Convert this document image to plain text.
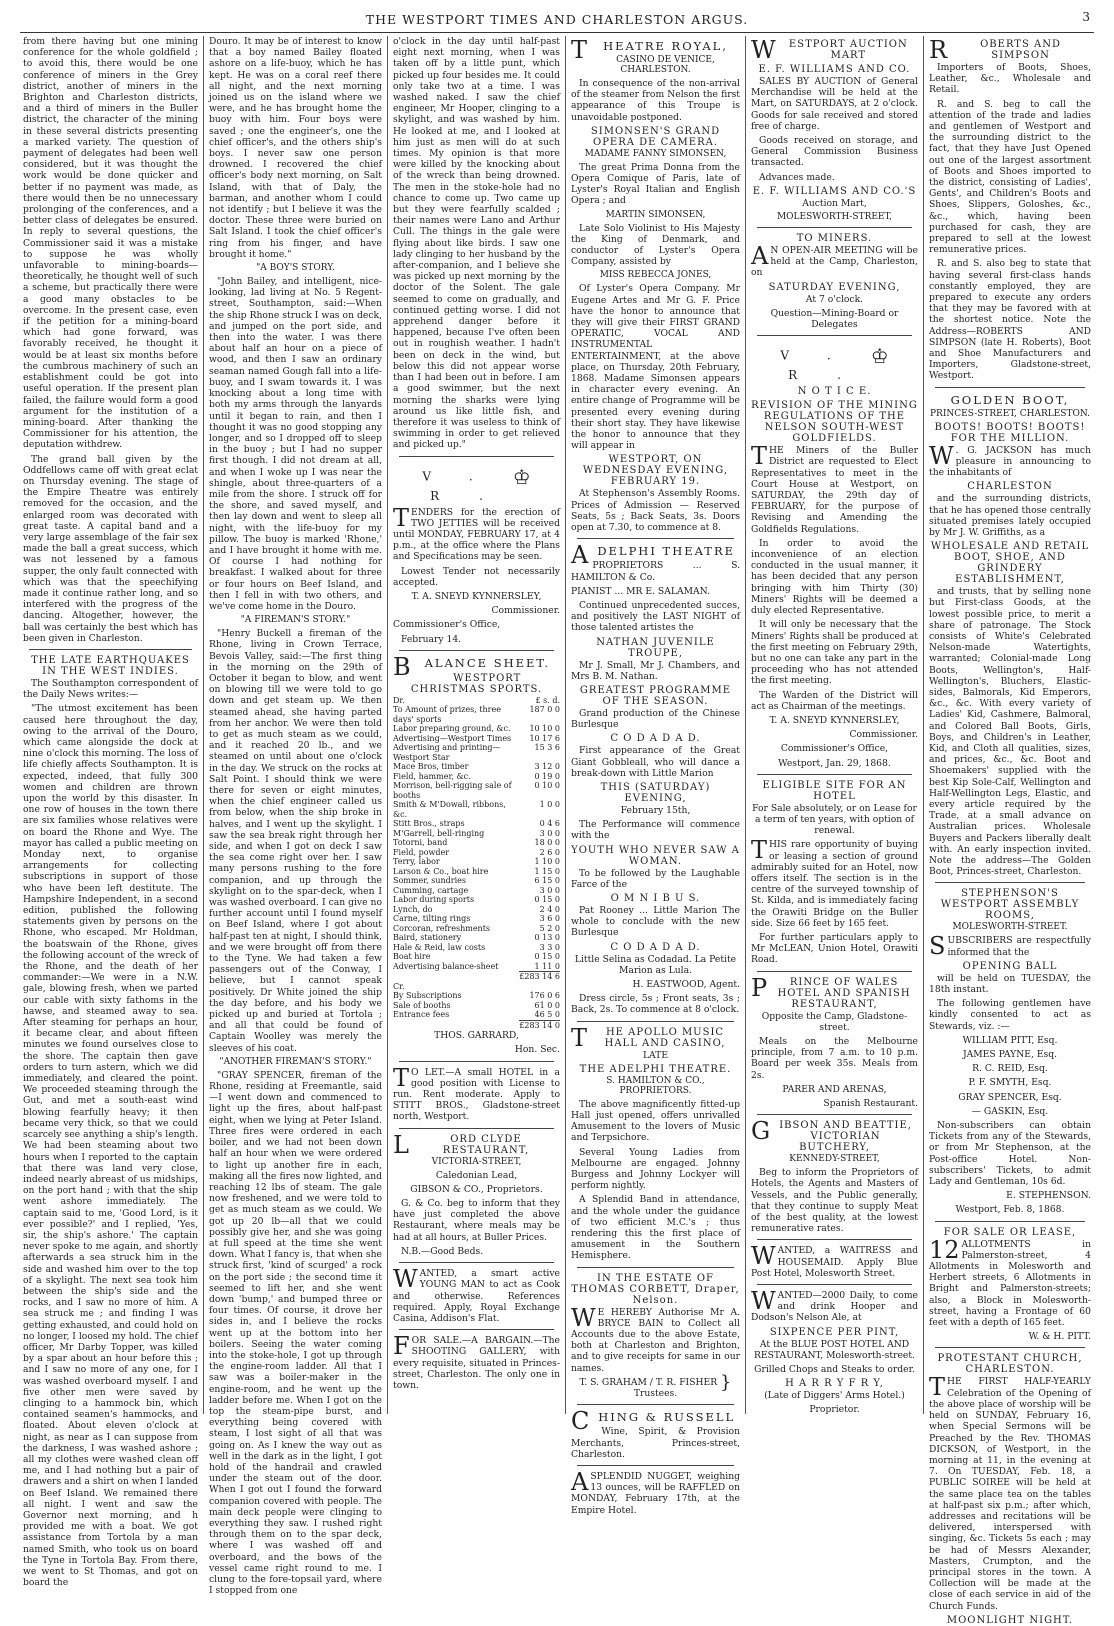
THE WESTPORT TIMES AND CHARLESTON ARGUS.	3

from there having but one mining conference for the whole goldfield ; to avoid this, there would be one conference of miners in the Grey district, another of miners in the Brighton and Charleston districts, and a third of miners in the Buller district, the character of the mining in these several districts presenting a marked variety. The question of payment of delegates had been well considered, but it was thought the work would be done quicker and better if no payment was made, as there would then be no unnecessary prolonging of the conferences, and a better class of delegates be ensured. In reply to several questions, the Commissioner said it was a mistake to suppose he was wholly unfavorable to mining-boards—theoretically, he thought well of such a scheme, but practically there were a good many obstacles to be overcome. In the present case, even if the petition for a mining-board which had gone forward, was favorably received, he thought it would be at least six months before the cumbrous machinery of such an establishment could be got into useful operation. If the present plan failed, the failure would form a good argument for the institution of a mining-board. After thanking the Commissioner for his attention, the deputation withdrew.

The grand ball given by the Oddfellows came off with great eclat on Thursday evening. The stage of the Empire Theatre was entirely removed for the occasion, and the enlarged room was decorated with great taste. A capital band and a very large assemblage of the fair sex made the ball a great success, which was not lessened by a famous supper, the only fault connected with which was that the speechifying made it continue rather long, and so interfered with the progress of the dancing. Altogether, however, the ball was certainly the best which has been given in Charleston.

THE LATE EARTHQUAKES IN THE WEST INDIES.

The Southampton correspondent of the Daily News writes:—

"The utmost excitement has been caused here throughout the day, owing to the arrival of the Douro, which came alongside the dock at nine o'clock this morning. The loss of life chiefly affects Southampton. It is expected, indeed, that fully 300 women and children are thrown upon the world by this disaster. In one row of houses in the town there are six families whose relatives were on board the Rhone and Wye. The mayor has called a public meeting on Monday next, to organise arrangements for collecting subscriptions in support of those who have been left destitute. The Hampshire Independent, in a second edition, published the following statements given by persons on the Rhone, who escaped. Mr Holdman, the boatswain of the Rhone, gives the following account of the wreck of the Rhone, and the death of her commander:—We were in a N.W. gale, blowing fresh, when we parted our cable with sixty fathoms in the hawse, and steamed away to sea. After steaming for perhaps an hour, it became clear, and about fifteen minutes we found ourselves close to the shore. The captain then gave orders to turn astern, which we did immediately, and cleared the point. We proceeded steaming through the Gut, and met a south-east wind blowing fearfully heavy; it then became very thick, so that we could scarcely see anything a ship's length. We had been steaming about two hours when I reported to the captain that there was land very close, indeed nearly abreast of us midships, on the port hand ; with that the ship went ashore immediately. The captain said to me, 'Good Lord, is it ever possible?' and I replied, 'Yes, sir, the ship's ashore.' The captain never spoke to me again, and shortly afterwards a sea struck him in the side and washed him over to the top of a skylight. The next sea took him between the ship's side and the rocks, and I saw no more of him. A sea struck me ; and finding I was getting exhausted, and could hold on no longer, I loosed my hold. The chief officer, Mr Darby Topper, was killed by a spar about an hour before this ; and I saw no more of any one, for I was washed overboard myself. I and five other men were saved by clinging to a hammock bin, which contained seamen's hammocks, and floated. About eleven o'clock at night, as near as I can suppose from the darkness, I was washed ashore ; all my clothes were washed clean off me, and I had nothing but a pair of drawers and a shirt on when I landed on Beef Island. We remained there all night. I went and saw the Governor next morning, and h provided me with a boat. We got assistance from Tortola by a man named Smith, who took us on board the Tyne in Tortola Bay. From there, we went to St Thomas, and got on board the

Douro. It may be of interest to know that a boy named Bailey floated ashore on a life-buoy, which he has kept. He was on a coral reef there all night, and the next morning joined us on the island where we were, and he has brought home the buoy with him. Four boys were saved ; one the engineer's, one the chief officer's, and the others ship's boys. I never saw one person drowned. I recovered the chief officer's body next morning, on Salt Island, with that of Daly, the barman, and another whom I could not identify ; but I believe it was the doctor. These three were buried on Salt Island. I took the chief officer's ring from his finger, and have brought it home."

"A BOY'S STORY.

"John Bailey, and intelligent, nice-looking, lad living at No. 5 Regent-street, Southampton, said:—When the ship Rhone struck I was on deck, and jumped on the port side, and then into the water. I was there about half an hour on a piece of wood, and then I saw an ordinary seaman named Gough fall into a life-buoy, and I swam towards it. I was knocking about a long time with both my arms through the lanyards until it began to rain, and then I thought it was no good stopping any longer, and so I dropped off to sleep in the buoy ; but I had no supper first though. I did not dream at all, and when I woke up I was near the shingle, about three-quarters of a mile from the shore. I struck off for the shore, and saved myself, and then lay down and went to sleep all night, with the life-buoy for my pillow. The buoy is marked 'Rhone,' and I have brought it home with me. Of course I had nothing for breakfast. I walked about for three or four hours on Beef Island, and then I fell in with two others, and we've come home in the Douro.

"A FIREMAN'S STORY."

"Henry Buckell a fireman of the Rhone, living in Crown Terrace, Bevois Valley, said:—The first thing in the morning on the 29th of October it began to blow, and went on blowing till we were told to go down and get steam up. We then steamed ahead, she having parted from her anchor. We were then told to get as much steam as we could, and it reached 20 lb., and we steamed on until about one o'clock in the day. We struck on the rocks at Salt Point. I should think we were there for seven or eight minutes, when the chief engineer called us from below, when the ship broke in halves, and I went up the skylight. I saw the sea break right through her side, and when I got on deck I saw the sea come right over her. I saw many persons rushing to the fore companion, and up through the skylight on to the spar-deck, when I was washed overboard. I can give no further account until I found myself on Beef Island, where I got about half-past ten at night, I should think, and we were brought off from there to the Tyne. We had taken a few passengers out of the Conway, I believe, but I cannot speak positively. Dr White joined the ship the day before, and his body we picked up and buried at Tortola ; and all that could be found of Captain Woolley was merely the sleeves of his coat.

"ANOTHER FIREMAN'S STORY."

"GRAY SPENCER, fireman of the Rhone, residing at Freemantle, said—I went down and commenced to light up the fires, about half-past eight, when we lying at Peter Island. Three fires were ordered in each boiler, and we had not been down half an hour when we were ordered to light up another fire in each, making all the fires now lighted, and reaching 12 lbs of steam. The gale now freshened, and we were told to get as much steam as we could. We got up 20 lb—all that we could possibly give her, and she was going at full speed at the time she went down. What I fancy is, that when she struck first, 'kind of scurged' a rock on the port side ; the second time it seemed to lift her, and she went down 'bump,' and bumped three or four times. Of course, it drove her sides in, and I believe the rocks went up at the bottom into her boilers. Seeing the water coming into the stoke-hole, I got up through the engine-room ladder. All that I saw was a boiler-maker in the engine-room, and he went up the ladder before me. When I got on the top the steam-pipe burst, and everything being covered with steam, I lost sight of all that was going on. As I knew the way out as well in the dark as in the light, I got hold of the handrail and crawled under the steam out of the door. When I got out I found the forward companion covered with people. The main deck people were clinging to everything they saw. I rushed right through them on to the spar deck, where I was washed off and overboard, and the bows of the vessel came right round to me. I clung to the fore-topsail yard, where I stopped from one

o'clock in the day until half-past eight next morning, when I was taken off by a little punt, which picked up four besides me. It could only take two at a time. I was washed naked. I saw the chief engineer, Mr Hooper, clinging to a skylight, and was washed by him. He looked at me, and I looked at him just as men will do at such times. My opinion is that more were killed by the knocking about of the wreck than being drowned. The men in the stoke-hole had no chance to come up. Two came up but they were fearfully scalded ; their names were Lano and Arthur Cull. The things in the gale were flying about like birds. I saw one lady clinging to her husband by the after-companion, and I believe she was picked up next morning by the doctor of the Solent. The gale seemed to come on gradually, and continued getting worse. I did not apprehend danger before it happened, because I've often been out in roughish weather. I hadn't been on deck in the wind, but below this did not appear worse than I had been out in before. I am a good swimmer, but the next morning the sharks were lying around us like little fish, and therefore it was useless to think of swimming in order to get relieved and picked up."

V.♔R.

TENDERS for the erection of TWO JETTIES will be received until MONDAY, FEBRUARY 17, at 4 p.m., at the office where the Plans and Specifications may be seen.

Lowest Tender not necessarily accepted.

T. A. SNEYD KYNNERSLEY,

Commissioner.

Commissioner's Office,

February 14.

B ALANCE SHEET.
WESTPORT CHRISTMAS SPORTS.
Dr.	£ s. d.
To Amount of prizes, three days' sports	187 0 0
Labor preparing ground, &c.	10 10 0
Advertising—Westport Times	10 17 6
Advertising and printing—Westport Star	15 3 6
Mace Bros, timber	3 12 0
Field, hammer, &c.	0 19 0
Morrison, bell-rigging sale of booths	0 10 0
Smith & M'Dowall, ribbons, &c.	1 0 0
Stitt Bros., straps	0 4 6
M'Garrell, bell-ringing	3 0 0
Totorni, band	18 0 0
Field, powder	2 6 0
Terry, labor	1 10 0
Larson & Co., boat hire	1 15 0
Sommer, sundries	6 15 0
Cumming, cartage	3 0 0
Labor during sports	0 15 0
Lynch, do	2 4 0
Carne, tilting rings	3 6 0
Corcoran, refreshments	5 2 0
Baird, stationery	0 13 0
Hale & Reid, law costs	3 3 0
Boat hire	0 15 0
Advertising balance-sheet	1 11 0
	£283 14 6
Cr.	
By Subscriptions	176 0 6
Sale of booths	61 0 0
Entrance fees	46 5 0
	£283 14 0

THOS. GARRARD,

Hon. Sec.

T O LET.—A small HOTEL in a good position with License to run. Rent moderate. Apply to STITT BROS., Gladstone-street north, Westport.

L	ORD CLYDE RESTAURANT,
VICTORIA-STREET,

Caledonian Lead,

GIBSON & CO., Proprietors.

G. & Co. beg to inform that they have just completed the above Restaurant, where meals may be had at all hours, at Buller Prices.

N.B.—Good Beds.

WANTED, a smart active YOUNG MAN to act as Cook and otherwise. References required. Apply, Royal Exchange Casina, Addison's Flat.

FOR SALE.—A BARGAIN.—The SHOOTING GALLERY, with every requisite, situated in Princes-street, Charleston. The only one in town.

T HEATRE ROYAL,
CASINO DE VENICE, CHARLESTON.

In consequence of the non-arrival of the steamer from Nelson the first appearance of this Troupe is unavoidable postponed.

SIMONSEN'S GRAND OPERA DE CAMERA.
MADAME FANNY SIMONSEN,

The great Prima Donna from the Opera Comique of Paris, late of Lyster's Royal Italian and English Opera ; and

MARTIN SIMONSEN,

Late Solo Violinist to His Majesty the King of Denmark, and conductor of Lyster's Opera Company, assisted by

MISS REBECCA JONES,

Of Lyster's Opera Company. Mr Eugene Artes and Mr G. F. Price have the honor to announce that they will give their FIRST GRAND OPERATIC, VOCAL AND INSTRUMENTAL ENTERTAINMENT, at the above place, on Thursday, 20th February, 1868. Madame Simonsen appears in character every evening. An entire change of Programme will be presented every evening during their short stay. They have likewise the honor to announce that they will appear in

WESTPORT, ON WEDNESDAY EVENING, FEBRUARY 19.

At Stephenson's Assembly Rooms. Prices of Admission — Reserved Seats, 5s ; Back Seats, 3s. Doors open at 7.30, to commence at 8.

ADELPHI THEATRE

PROPRIETORS ... S. HAMILTON & Co.

PIANIST ... MR E. SALAMAN.

Continued unprecedented succes, and positively the LAST NIGHT of those talented artistes the

NATHAN JUVENILE TROUPE,

Mr J. Small, Mr J. Chambers, and Mrs B. M. Nathan.

GREATEST PROGRAMME OF THE SEASON.

Grand production of the Chinese Burlesque

C O D A D A D.

First appearance of the Great Giant Gobbleall, who will dance a break-down with Little Marion

THIS (SATURDAY) EVENING,

February 15th,

The Performance will commence with the

YOUTH WHO NEVER SAW A WOMAN.

To be followed by the Laughable Farce of the

O M N I B U S.

Pat Rooney ... Little Marion The whole to conclude with the new Burlesque

C O D A D A D.

Little Selina as Codadad. La Petite Marion as Lula.

H. EASTWOOD, Agent.

Dress circle, 5s ; Front seats, 3s ; Back, 2s. To commence at 8 o'clock.

T HE APOLLO MUSIC HALL AND CASINO,

LATE

THE ADELPHI THEATRE.
S. HAMILTON & CO., PROPRIETORS.

The above magnificently fitted-up Hall just opened, offers unrivalled Amusement to the lovers of Music and Terpsichore.

Several Young Ladies from Melbourne are engaged. Johnny Burgess and Johnny Lockyer will perform nightly.

A Splendid Band in attendance, and the whole under the guidance of two efficient M.C.'s ; thus rendering this the first place of amusement in the Southern Hemisphere.

IN THE ESTATE OF THOMAS CORBETT, Draper, Nelson.

W E HEREBY Authorise Mr A. BRYCE BAIN to Collect all Accounts due to the above Estate, both at Charleston and Brighton, and to give receipts for same in our names.

T. S. GRAHAM / T. R. FISHER } Trustees.

CHING & RUSSELL

Wine, Spirit, & Provision Merchants, Princes-street, Charleston.

ASPLENDID NUGGET, weighing 13 ounces, will be RAFFLED on MONDAY, February 17th, at the Empire Hotel.

W ESTPORT AUCTION MART
E. F. WILLIAMS AND CO.

SALES BY AUCTION of General Merchandise will be held at the Mart, on SATURDAYS, at 2 o'clock. Goods for sale received and stored free of charge.

Goods received on storage, and General Commission Business transacted.

Advances made.

E. F. WILLIAMS AND CO.'S

Auction Mart,

MOLESWORTH-STREET,
TO MINERS.

A N OPEN-AIR MEETING will be held at the Camp, Charleston, on

SATURDAY EVENING,

At 7 o'clock.

Question—Mining-Board or Delegates

V.♔R.
N O T I C E.
REVISION OF THE MINING REGULATIONS OF THE NELSON SOUTH-WEST GOLDFIELDS.

THE Miners of the Buller District are requested to Elect Representatives to meet in the Court House at Westport, on SATURDAY, the 29th day of FEBRUARY, for the purpose of Revising and Amending the Goldfields Regulations.

In order to avoid the inconvenience of an election conducted in the usual manner, it has been decided that any person bringing with him Thirty (30) Miners' Rights will be deemed a duly elected Representative.

It will only be necessary that the Miners' Rights shall be produced at the first meeting on February 29th, but no one can take any part in the proceeding who has not attended the first meeting.

The Warden of the District will act as Chairman of the meetings.

T. A. SNEYD KYNNERSLEY,

Commissioner.

Commissioner's Office,

Westport, Jan. 29, 1868.

ELIGIBLE SITE FOR AN HOTEL

For Sale absolutely, or on Lease for a term of ten years, with option of renewal.

THIS rare opportunity of buying or leasing a section of ground admirably suited for an Hotel, now offers itself. The section is in the centre of the surveyed township of St. Kilda, and is immediately facing the Orawiti Bridge on the Buller side. Size 66 feet by 165 feet.

For further particulars apply to Mr McLEAN, Union Hotel, Orawiti Road.

P RINCE OF WALES HOTEL AND SPANISH RESTAURANT,

Opposite the Camp, Gladstone-street.

Meals on the Melbourne principle, from 7 a.m. to 10 p.m. Board per week 35s. Meals from 2s.

PARER AND ARENAS,

Spanish Restaurant.

GIBSON AND BEATTIE, VICTORIAN BUTCHERY,
KENNEDY-STREET,

Beg to inform the Proprietors of Hotels, the Agents and Masters of Vessels, and the Public generally, that they continue to supply Meat of the best quality, at the lowest remunerative rates.

WANTED, a WAITRESS and HOUSEMAID. Apply Blue Post Hotel, Molesworth Street.

WANTED—2000 Daily, to come and drink Hooper and Dodson's Nelson Ale, at

SIXPENCE PER PINT,

At the BLUE POST HOTEL AND RESTAURANT, Molesworth-street.

Grilled Chops and Steaks to order.

H A R R Y F R Y,

(Late of Diggers' Arms Hotel.)

Proprietor.

R	OBERTS AND SIMPSON

Importers of Boots, Shoes, Leather, &c., Wholesale and Retail.

R. and S. beg to call the attention of the trade and ladies and gentlemen of Westport and the surrounding district to the fact, that they have Just Opened out one of the largest assortment of Boots and Shoes imported to the district, consisting of Ladies', Gents', and Children's Boots and Shoes, Slippers, Goloshes, &c., &c., which, having been purchased for cash, they are prepared to sell at the lowest remunerative prices.

R. and S. also beg to state that having several first-class hands constantly employed, they are prepared to execute any orders that they may be favored with at the shortest notice. Note the Address—ROBERTS AND SIMPSON (late H. Roberts), Boot and Shoe Manufacturers and Importers, Gladstone-street, Westport.

GOLDEN BOOT,
PRINCES-STREET, CHARLESTON.
BOOTS! BOOTS! BOOTS! FOR THE MILLION.

W . G. JACKSON has much pleasure in announcing to the inhabitants of

CHARLESTON

and the surrounding districts, that he has opened those centrally situated premises lately occupied by Mr J. W. Griffiths, as a

WHOLESALE AND RETAIL BOOT, SHOE, AND GRINDERY ESTABLISHMENT,

and trusts, that by selling none but First-class Goods, at the lowest possible price, to merit a share of patronage. The Stock consists of White's Celebrated Nelson-made Watertights, warranted; Colonial-made Long Boots, Wellington's, Half-Wellington's, Bluchers, Elastic-sides, Balmorals, Kid Emperors, &c., &c. With every variety of Ladies' Kid, Cashmere, Balmoral, and Colored Ball Boots, Girls, Boys, and Children's in Leather, Kid, and Cloth all qualities, sizes, and prices, &c., &c. Boot and Shoemakers' supplied with the best Kip Sole-Calf, Wellington and Half-Wellington Legs, Elastic, and every article required by the Trade, at a small advance on Australian prices. Wholesale Buyers and Packers liberally dealt with. An early inspection invited. Note the address—The Golden Boot, Princes-street, Charleston.

STEPHENSON'S WESTPORT ASSEMBLY ROOMS,
MOLESWORTH-STREET.

SUBSCRIBERS are respectfully informed that the

OPENING BALL

will be held on TUESDAY, the 18th instant.

The following gentlemen have kindly consented to act as Stewards, viz. :—

WILLIAM PITT, Esq.

JAMES PAYNE, Esq.

R. C. REID, Esq.

P. F. SMYTH, Esq.

GRAY SPENCER, Esq.

— GASKIN, Esq.

Non-subscribers can obtain Tickets from any of the Stewards, or from Mr Stephenson, at the Post-office Hotel. Non-subscribers' Tickets, to admit Lady and Gentleman, 10s 6d.

E. STEPHENSON.

Westport, Feb. 8, 1868.

FOR SALE OR LEASE,

12 ALLOTMENTS in Palmerston-street, 4 Allotments in Molesworth and Herbert streets, 6 Allotments in Bright and Palmerston-streets; also, a Block in Molesworth-street, having a Frontage of 60 feet with a depth of 165 feet.

W. & H. PITT.

PROTESTANT CHURCH, CHARLESTON.

THE FIRST HALF-YEARLY Celebration of the Opening of the above place of worship will be held on SUNDAY, February 16, when Special Sermons will be Preached by the Rev. THOMAS DICKSON, of Westport, in the morning at 11, in the evening at 7. On TUESDAY, Feb. 18, a PUBLIC SOIREE will be held at the same place tea on the tables at half-past six p.m.; after which, addresses and recitations will be delivered, interspersed with singing, &c. Tickets 5s each ; may be had of Messrs Alexander, Masters, Crumpton, and the principal stores in the town. A Collection will be made at the close of each service in aid of the Church Funds.

MOONLIGHT NIGHT.
